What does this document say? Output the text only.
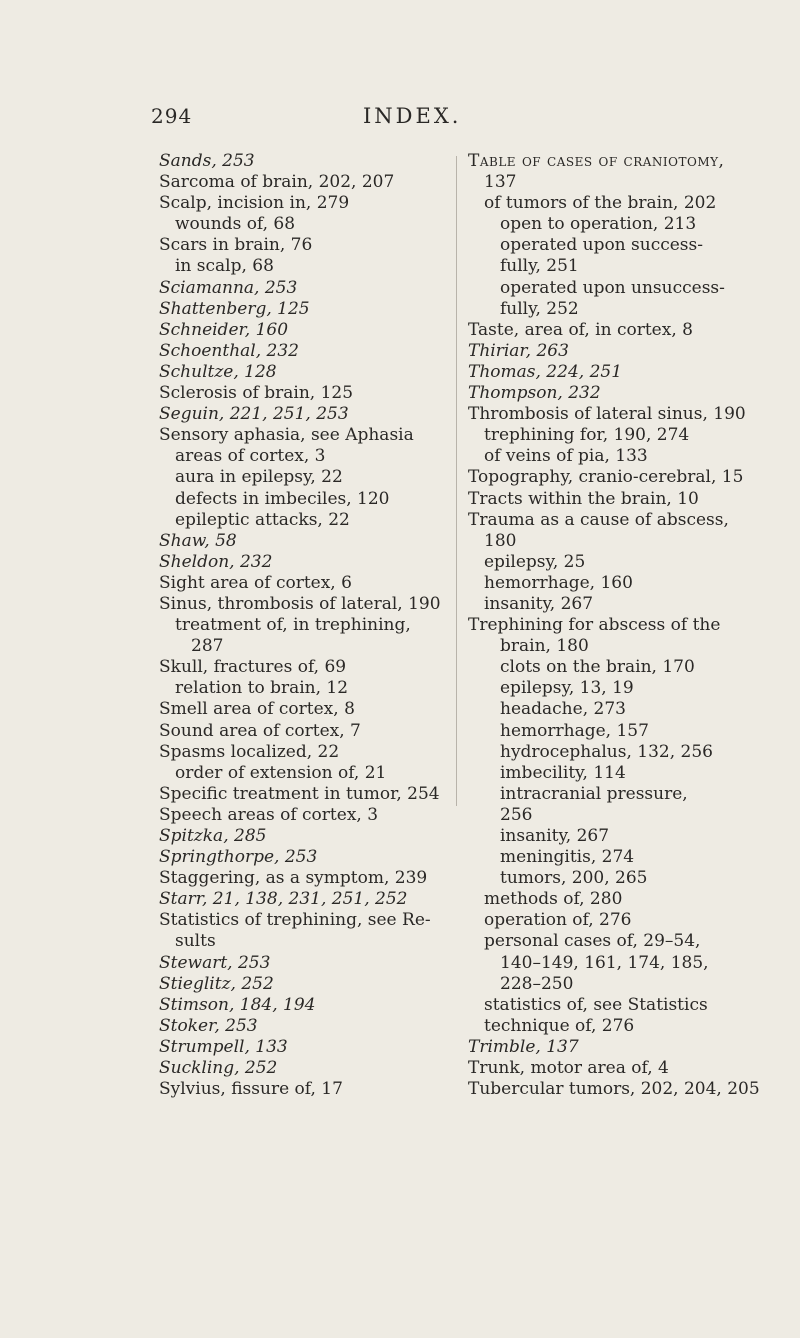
294	INDEX.
Sands, 253
Sarcoma of brain, 202, 207
Scalp, incision in, 279
wounds of, 68
Scars in brain, 76
in scalp, 68
Sciamanna, 253
Shattenberg, 125
Schneider, 160
Schoenthal, 232
Schultze, 128
Sclerosis of brain, 125
Seguin, 221, 251, 253
Sensory aphasia, see Aphasia
areas of cortex, 3
aura in epilepsy, 22
defects in imbeciles, 120
epileptic attacks, 22
Shaw, 58
Sheldon, 232
Sight area of cortex, 6
Sinus, thrombosis of lateral, 190
treatment of, in trephining,
287
Skull, fractures of, 69
relation to brain, 12
Smell area of cortex, 8
Sound area of cortex, 7
Spasms localized, 22
order of extension of, 21
Specific treatment in tumor, 254
Speech areas of cortex, 3
Spitzka, 285
Springthorpe, 253
Staggering, as a symptom, 239
Starr, 21, 138, 231, 251, 252
Statistics of trephining, see Re-
sults
Stewart, 253
Stieglitz, 252
Stimson, 184, 194
Stoker, 253
Strumpell, 133
Suckling, 252
Sylvius, fissure of, 17
Table of cases of craniotomy,
137
of tumors of the brain, 202
open to operation, 213
operated upon success-
fully, 251
operated upon unsuccess-
fully, 252
Taste, area of, in cortex, 8
Thiriar, 263
Thomas, 224, 251
Thompson, 232
Thrombosis of lateral sinus, 190
trephining for, 190, 274
of veins of pia, 133
Topography, cranio-cerebral, 15
Tracts within the brain, 10
Trauma as a cause of abscess,
180
epilepsy, 25
hemorrhage, 160
insanity, 267
Trephining for abscess of the
brain, 180
clots on the brain, 170
epilepsy, 13, 19
headache, 273
hemorrhage, 157
hydrocephalus, 132, 256
imbecility, 114
intracranial pressure,
256
insanity, 267
meningitis, 274
tumors, 200, 265
methods of, 280
operation of, 276
personal cases of, 29–54,
140–149, 161, 174, 185,
228–250
statistics of, see Statistics
technique of, 276
Trimble, 137
Trunk, motor area of, 4
Tubercular tumors, 202, 204, 205
